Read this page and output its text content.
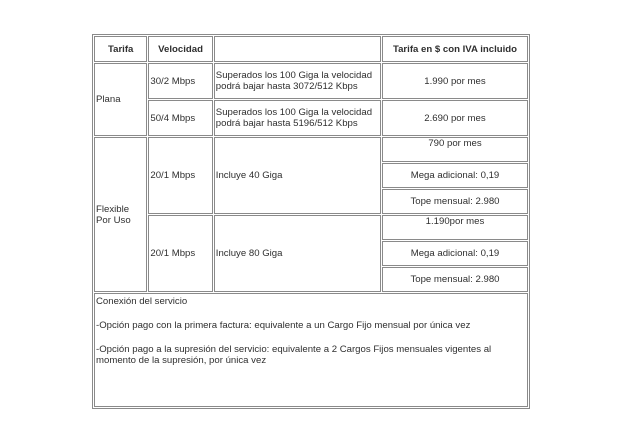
Tarifa	Velocidad		Tarifa en $ con IVA incluido
Plana	30/2 Mbps	Superados los 100 Giga la velocidad podrá bajar hasta 3072/512 Kbps	1.990 por mes
	50/4 Mbps	Superados los 100 Giga la velocidad podrá bajar hasta 5196/512 Kbps	2.690 por mes
Flexible Por Uso	20/1 Mbps	Incluye 40 Giga	790 por mes
			Mega adicional: 0,19
			Tope mensual: 2.980
	20/1 Mbps	Incluye 80 Giga	1.190por mes
			Mega adicional: 0,19
			Tope mensual: 2.980

Conexión del servicio

-Opción pago con la primera factura: equivalente a un Cargo Fijo mensual por única vez

-Opción pago a la supresión del servicio: equivalente a 2 Cargos Fijos mensuales vigentes al momento de la supresión, por única vez			
